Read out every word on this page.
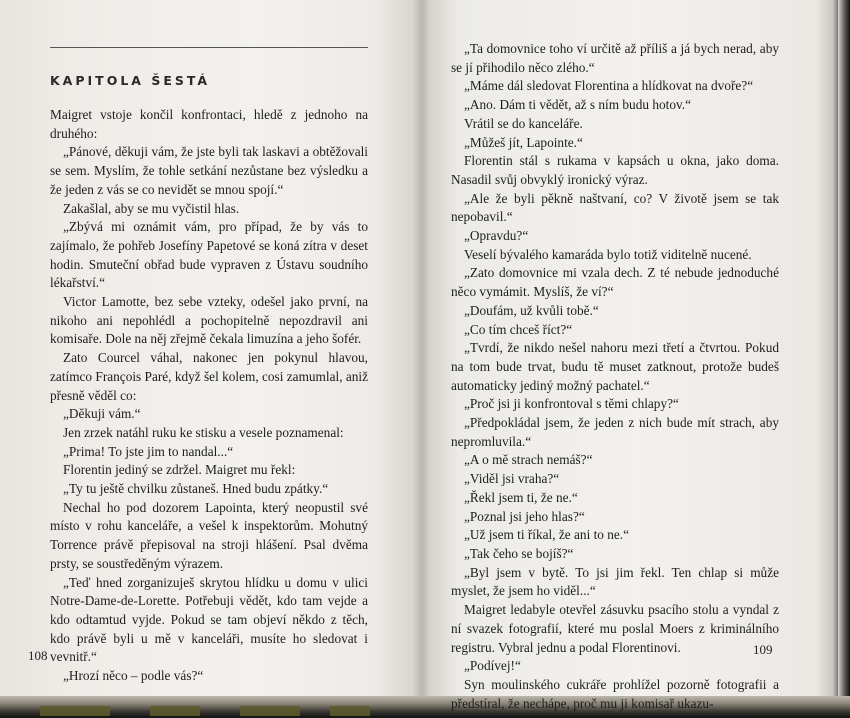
KAPITOLA ŠESTÁ

Maigret vstoje končil konfrontaci, hledě z jednoho na druhého:

„Pánové, děkuji vám, že jste byli tak laskavi a obtěžovali se sem. Myslím, že tohle setkání nezůstane bez výsledku a že jeden z vás se co nevidět se mnou spojí.“

Zakašlal, aby se mu vyčistil hlas.

„Zbývá mi oznámit vám, pro případ, že by vás to zajímalo, že pohřeb Josefíny Papetové se koná zítra v deset hodin. Smuteční obřad bude vypraven z Ústavu soudního lékařství.“

Victor Lamotte, bez sebe vzteky, odešel jako první, na nikoho ani nepohlédl a pochopitelně nepozdravil ani komisaře. Dole na něj zřejmě čekala limuzína a jeho šofér.

Zato Courcel váhal, nakonec jen pokynul hlavou, zatímco François Paré, když šel kolem, cosi zamumlal, aniž přesně věděl co:

„Děkuji vám.“

Jen zrzek natáhl ruku ke stisku a vesele poznamenal:

„Prima! To jste jim to nandal...“

Florentin jediný se zdržel. Maigret mu řekl:

„Ty tu ještě chvilku zůstaneš. Hned budu zpátky.“

Nechal ho pod dozorem Lapointa, který neopustil své místo v rohu kanceláře, a vešel k inspektorům. Mohutný Torrence právě přepisoval na stroji hlášení. Psal dvěma prsty, se soustředěným výrazem.

„Teď hned zorganizuješ skrytou hlídku u domu v ulici Notre-Dame-de-Lorette. Potřebuji vědět, kdo tam vejde a kdo odtamtud vyjde. Pokud se tam objeví někdo z těch, kdo právě byli u mě v kanceláři, musíte ho sledovat i vevnitř.“

„Hrozí něco – podle vás?“

108

„Ta domovnice toho ví určitě až příliš a já bych nerad, aby se jí přihodilo něco zlého.“

„Máme dál sledovat Florentina a hlídkovat na dvoře?“

„Ano. Dám ti vědět, až s ním budu hotov.“

Vrátil se do kanceláře.

„Můžeš jít, Lapointe.“

Florentin stál s rukama v kapsách u okna, jako doma. Nasadil svůj obvyklý ironický výraz.

„Ale že byli pěkně naštvaní, co? V životě jsem se tak nepobavil.“

„Opravdu?“

Veselí bývalého kamaráda bylo totiž viditelně nucené.

„Zato domovnice mi vzala dech. Z té nebude jednoduché něco vymámit. Myslíš, že ví?“

„Doufám, už kvůli tobě.“

„Co tím chceš říct?“

„Tvrdí, že nikdo nešel nahoru mezi třetí a čtvrtou. Pokud na tom bude trvat, budu tě muset zatknout, protože budeš automaticky jediný možný pachatel.“

„Proč jsi ji konfrontoval s těmi chlapy?“

„Předpokládal jsem, že jeden z nich bude mít strach, aby nepromluvila.“

„A o mě strach nemáš?“

„Viděl jsi vraha?“

„Řekl jsem ti, že ne.“

„Poznal jsi jeho hlas?“

„Už jsem ti říkal, že ani to ne.“

„Tak čeho se bojíš?“

„Byl jsem v bytě. To jsi jim řekl. Ten chlap si může myslet, že jsem ho viděl...“

Maigret ledabyle otevřel zásuvku psacího stolu a vyndal z ní svazek fotografií, které mu poslal Moers z kriminálního registru. Vybral jednu a podal Florentinovi.

„Podívej!“

Syn moulinského cukráře prohlížel pozorně fotografii a předstíral, že nechápe, proč mu ji komisař ukazu-

109
